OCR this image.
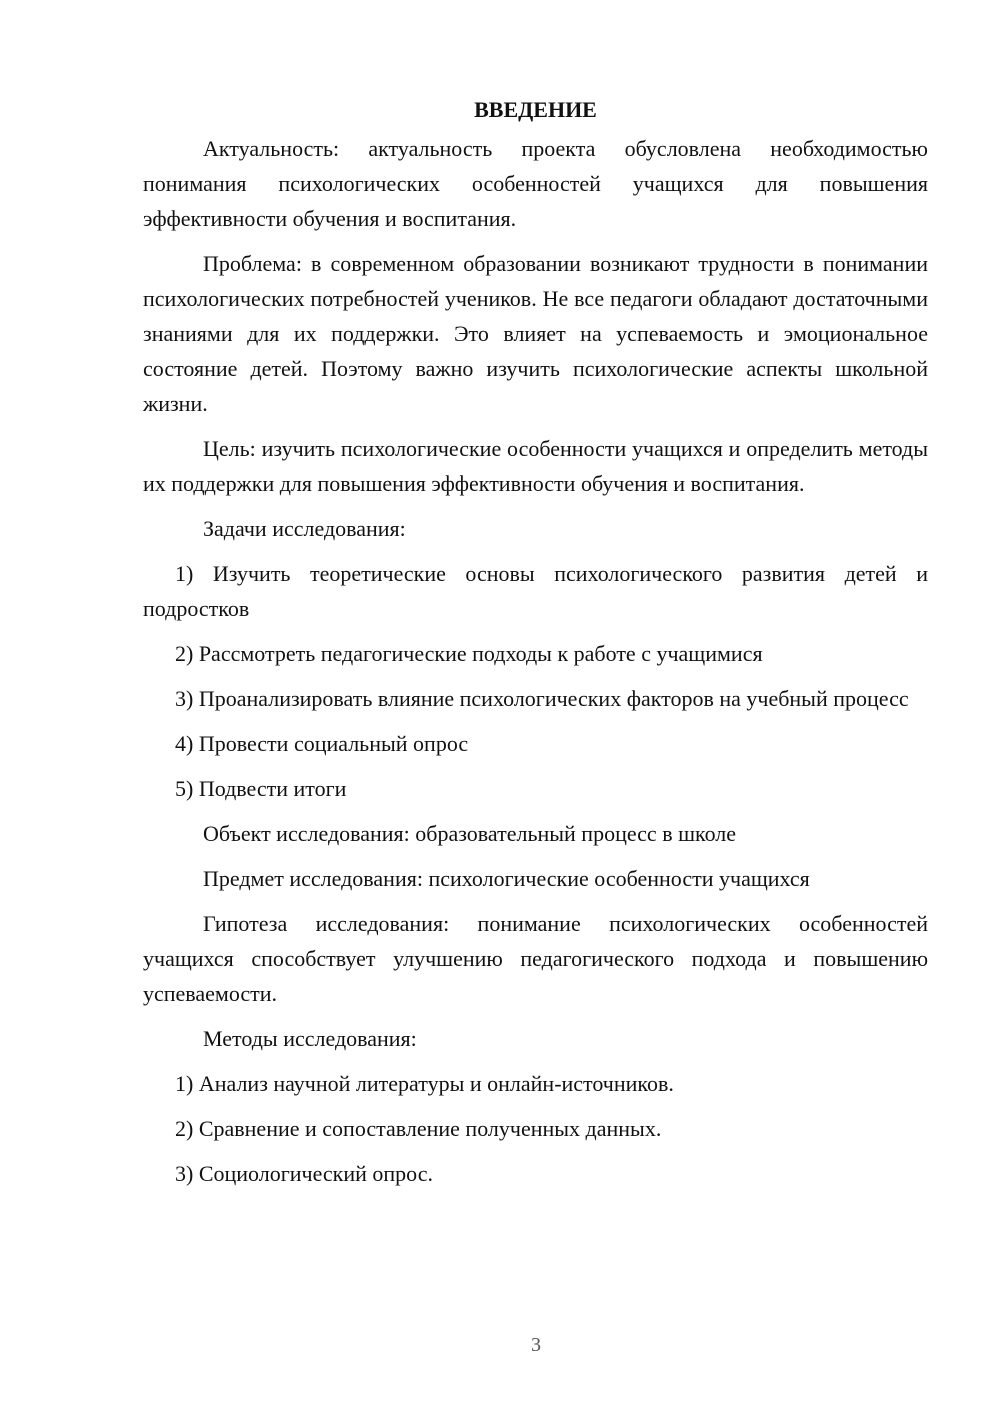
ВВЕДЕНИЕ
Актуальность: актуальность проекта обусловлена необходимостью понимания психологических особенностей учащихся для повышения эффективности обучения и воспитания.
Проблема: в современном образовании возникают трудности в понимании психологических потребностей учеников. Не все педагоги обладают достаточными знаниями для их поддержки. Это влияет на успеваемость и эмоциональное состояние детей. Поэтому важно изучить психологические аспекты школьной жизни.
Цель: изучить психологические особенности учащихся и определить методы их поддержки для повышения эффективности обучения и воспитания.
Задачи исследования:
1) Изучить теоретические основы психологического развития детей и подростков
2) Рассмотреть педагогические подходы к работе с учащимися
3) Проанализировать влияние психологических факторов на учебный процесс
4) Провести социальный опрос
5) Подвести итоги
Объект исследования: образовательный процесс в школе
Предмет исследования: психологические особенности учащихся
Гипотеза исследования: понимание психологических особенностей учащихся способствует улучшению педагогического подхода и повышению успеваемости.
Методы исследования:
1) Анализ научной литературы и онлайн-источников.
2) Сравнение и сопоставление полученных данных.
3) Социологический опрос.
3
